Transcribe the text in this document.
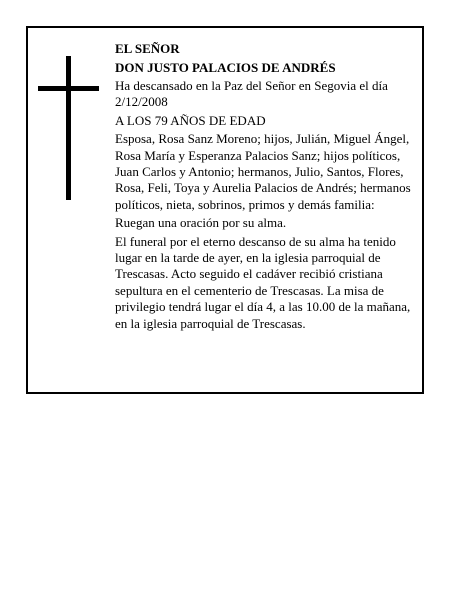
EL SEÑOR

DON JUSTO PALACIOS DE ANDRÉS

Ha descansado en la Paz del Señor en Segovia el día 2/12/2008

A LOS 79 AÑOS DE EDAD

Esposa, Rosa Sanz Moreno; hijos, Julián, Miguel Ángel, Rosa María y Esperanza Palacios Sanz; hijos políticos, Juan Carlos y Antonio; hermanos, Julio, Santos, Flores, Rosa, Feli, Toya y Aurelia Palacios de Andrés; hermanos políticos, nieta, sobrinos, primos y demás familia:

Ruegan una oración por su alma.

El funeral por el eterno descanso de su alma ha tenido lugar en la tarde de ayer, en la iglesia parroquial de Trescasas. Acto seguido el cadáver recibió cristiana sepultura en el cementerio de Trescasas. La misa de privilegio tendrá lugar el día 4, a las 10.00 de la mañana, en la iglesia parroquial de Trescasas.
